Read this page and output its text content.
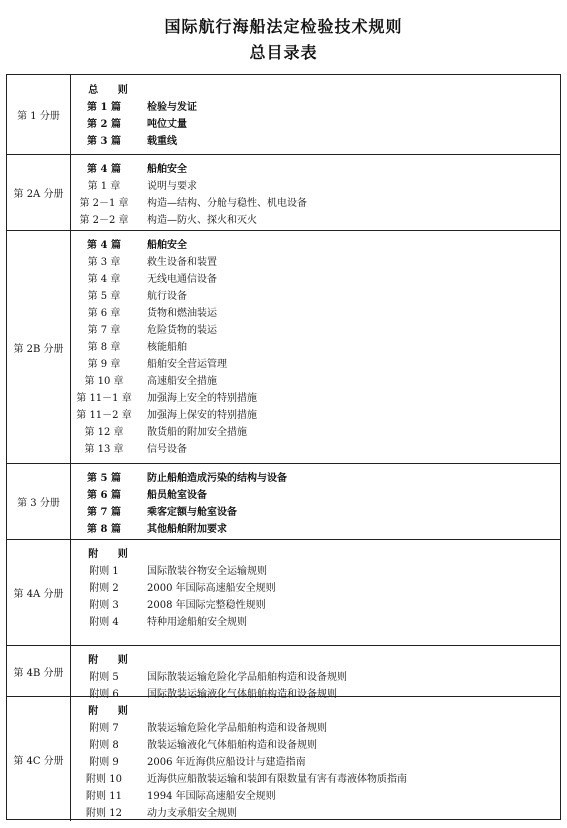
国际航行海船法定检验技术规则
总目录表
第 1 分册
总 则
第 1 篇	检验与发证
第 2 篇	吨位丈量
第 3 篇	载重线
第 2A 分册
第 4 篇	船舶安全
第 1 章	说明与要求
第 2－1 章	构造—结构、分舱与稳性、机电设备
第 2－2 章	构造—防火、探火和灭火
第 2B 分册
第 4 篇	船舶安全
第 3 章	救生设备和装置
第 4 章	无线电通信设备
第 5 章	航行设备
第 6 章	货物和燃油装运
第 7 章	危险货物的装运
第 8 章	核能船舶
第 9 章	船舶安全营运管理
第 10 章	高速船安全措施
第 11－1 章	加强海上安全的特别措施
第 11－2 章	加强海上保安的特别措施
第 12 章	散货船的附加安全措施
第 13 章	信号设备
第 3 分册
第 5 篇	防止船舶造成污染的结构与设备
第 6 篇	船员舱室设备
第 7 篇	乘客定额与舱室设备
第 8 篇	其他船舶附加要求
第 4A 分册
附 则
附则 1	国际散装谷物安全运输规则
附则 2	2000 年国际高速船安全规则
附则 3	2008 年国际完整稳性规则
附则 4	特种用途船舶安全规则
第 4B 分册
附 则
附则 5	国际散装运输危险化学品船舶构造和设备规则
附则 6	国际散装运输液化气体船舶构造和设备规则
第 4C 分册
附 则
附则 7	散装运输危险化学品船舶构造和设备规则
附则 8	散装运输液化气体船舶构造和设备规则
附则 9	2006 年近海供应船设计与建造指南
附则 10	近海供应船散装运输和装卸有限数量有害有毒液体物质指南
附则 11	1994 年国际高速船安全规则
附则 12	动力支承船安全规则
